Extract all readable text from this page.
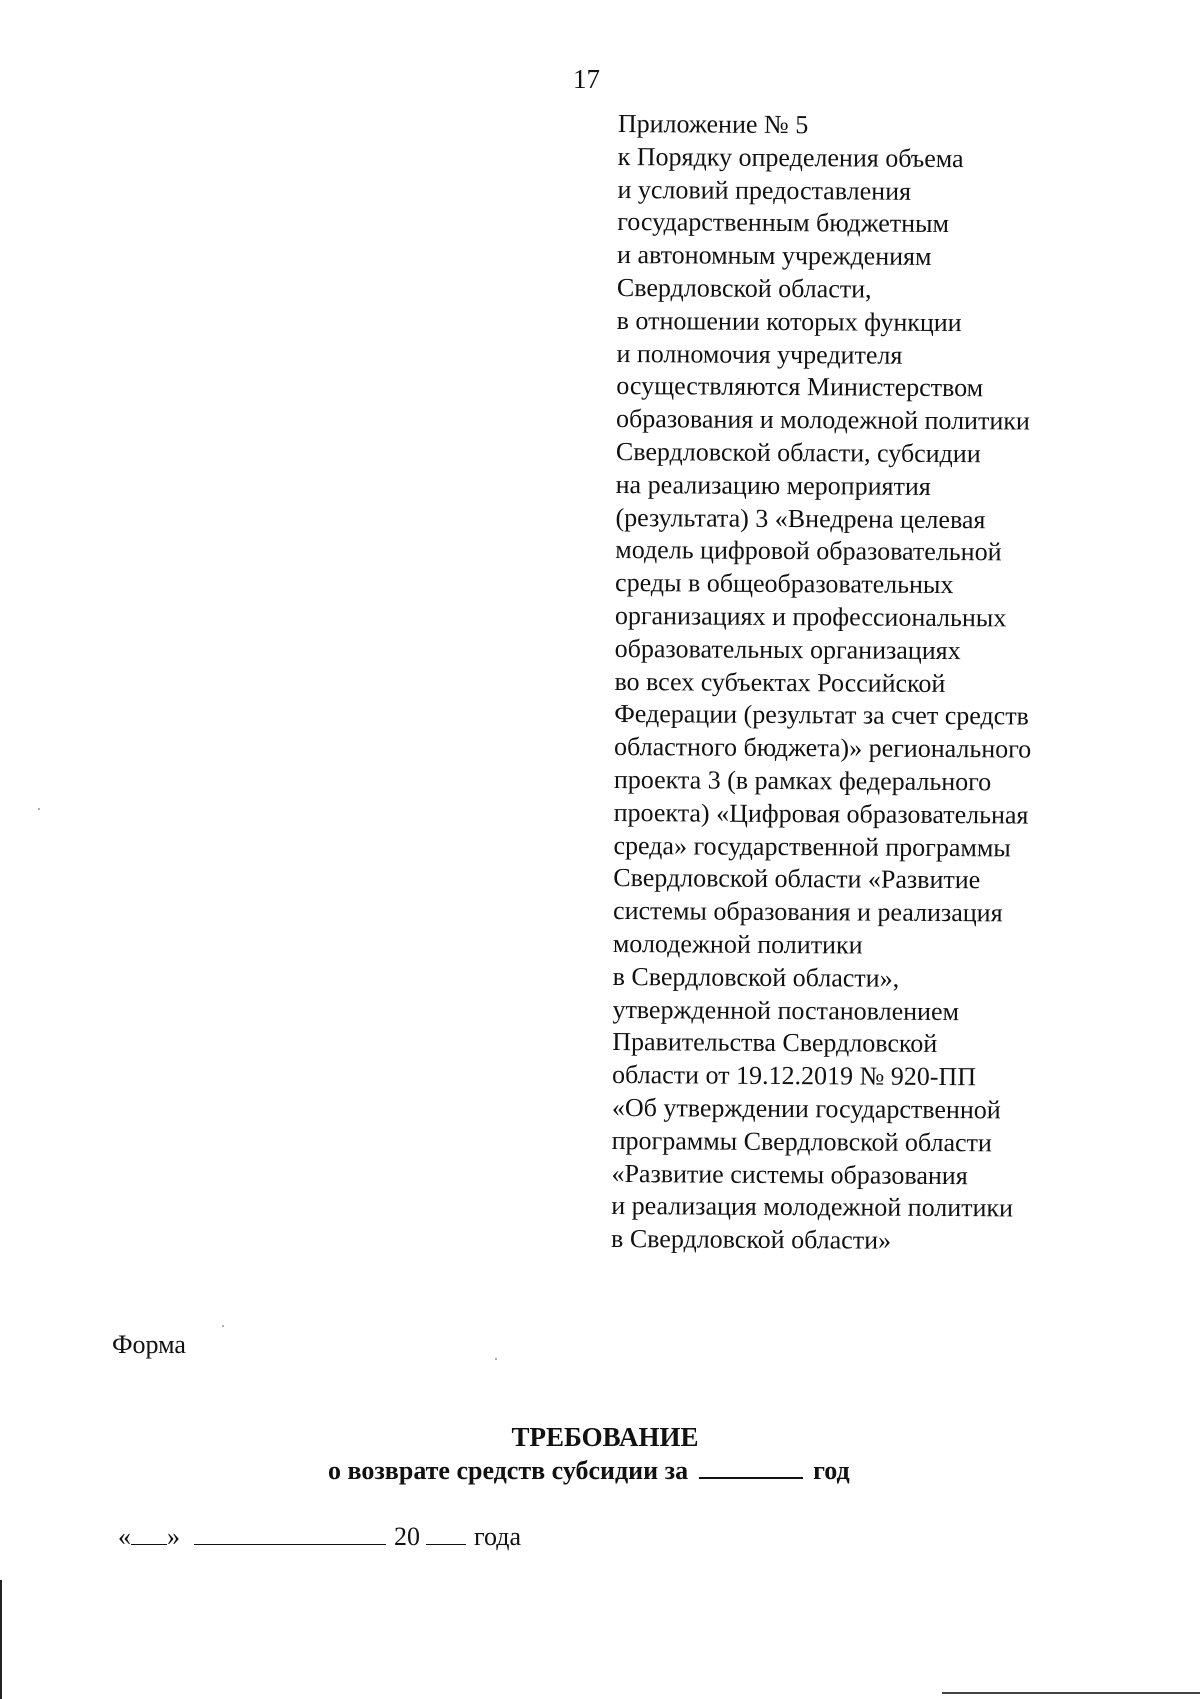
17
Приложение № 5
к Порядку определения объема
и условий предоставления
государственным бюджетным
и автономным учреждениям
Свердловской области,
в отношении которых функции
и полномочия учредителя
осуществляются Министерством
образования и молодежной политики
Свердловской области, субсидии
на реализацию мероприятия
(результата) 3 «Внедрена целевая
модель цифровой образовательной
среды в общеобразовательных
организациях и профессиональных
образовательных организациях
во всех субъектах Российской
Федерации (результат за счет средств
областного бюджета)» регионального
проекта 3 (в рамках федерального
проекта) «Цифровая образовательная
среда» государственной программы
Свердловской области «Развитие
системы образования и реализация
молодежной политики
в Свердловской области»,
утвержденной постановлением
Правительства Свердловской
области от 19.12.2019 № 920-ПП
«Об утверждении государственной
программы Свердловской области
«Развитие системы образования
и реализация молодежной политики
в Свердловской области»
Форма
ТРЕБОВАНИЕ
о возврате средств субсидии за	год
« »	20 года
